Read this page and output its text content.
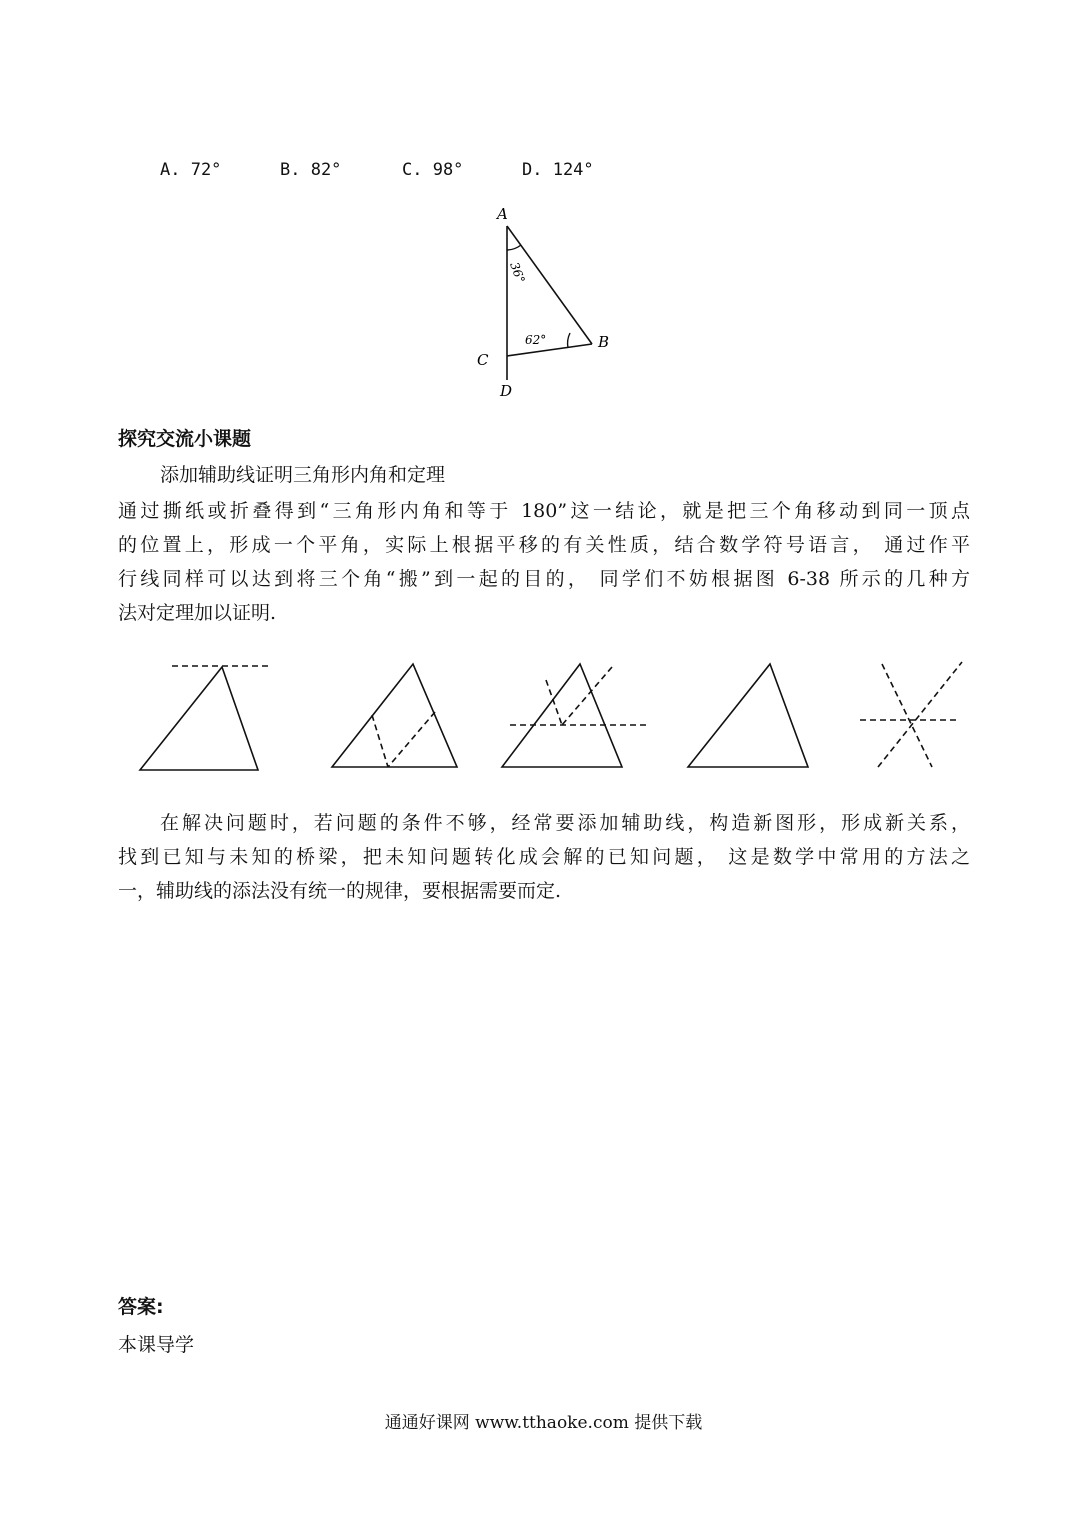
A. 72°	B. 82°	C. 98°	D. 124°
A
B
C
D
36°
62°
探究交流小课题
添加辅助线证明三角形内角和定理

通过撕纸或折叠得到“三角形内角和等于 180”这一结论，就是把三个角移动到同一顶点

的位置上，形成一个平角，实际上根据平移的有关性质，结合数学符号语言， 通过作平

行线同样可以达到将三个角“搬”到一起的目的， 同学们不妨根据图 6-38 所示的几种方

法对定理加以证明.

在解决问题时，若问题的条件不够，经常要添加辅助线，构造新图形，形成新关系，

找到已知与未知的桥梁，把未知问题转化成会解的已知问题， 这是数学中常用的方法之

一，辅助线的添法没有统一的规律，要根据需要而定.

答案:
本课导学
通通好课网 www.tthaoke.com 提供下载
